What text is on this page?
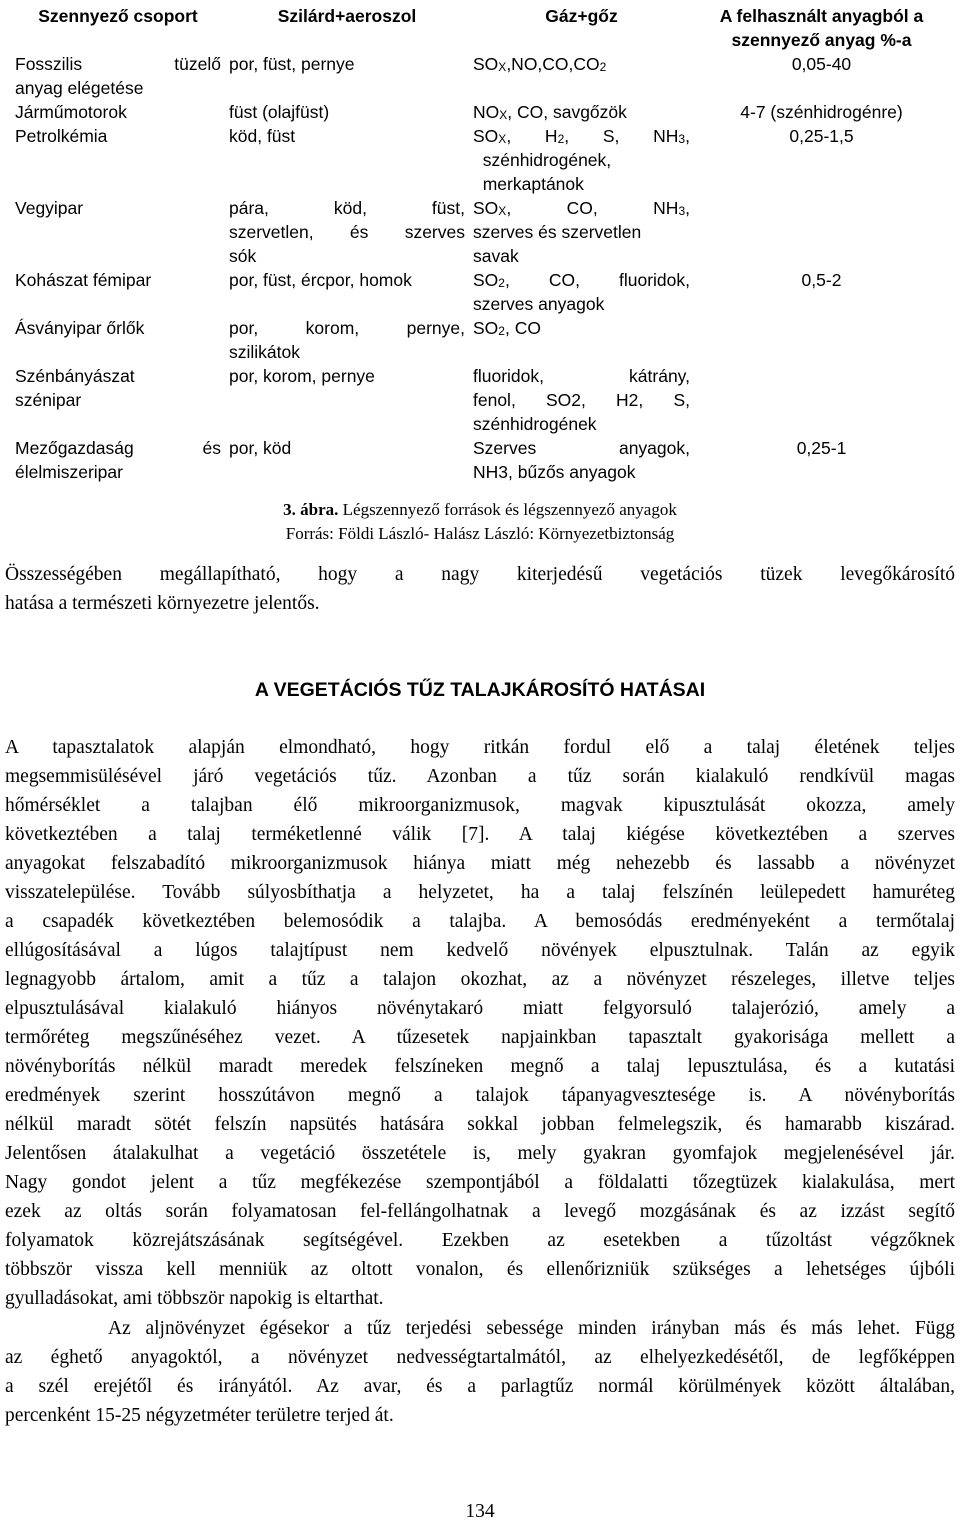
Szennyező csoport	Szilárd+aeroszol	Gáz+gőz	A felhasznált anyagból a szennyező anyag %-a

Fosszilis tüzelő
anyag elégetése	por, füst, pernye	SOX,NO,CO,CO2	0,05-40
Járműmotorok	füst (olajfüst)	NOX, CO, savgőzök	4-7 (szénhidrogénre)
Petrolkémia	köd, füst	SOX, H2, S, NH3,
szénhidrogének,
merkaptánok	0,25-1,5
Vegyipar	pára, köd, füst,
szervetlen, és szerves
sók	SOX, CO, NH3,
szerves és szervetlen
savak	

Kohászat fémipar	por, füst, ércpor, homok	SO2, CO, fluoridok,
szerves anyagok	0,5-2
Ásványipar őrlők	por, korom, pernye,
szilikátok	SO2, CO	

Szénbányászat
szénipar	por, korom, pernye	fluoridok, kátrány,
fenol, SO2, H2, S,
szénhidrogének	

Mezőgazdaság és
élelmiszeripar	por, köd	Szerves anyagok,
NH3, bűzős anyagok	0,25-1
3. ábra. Légszennyező források és légszennyező anyagok
Forrás: Földi László- Halász László: Környezetbiztonság
Összességében megállapítható, hogy a nagy kiterjedésű vegetációs tüzek levegőkárosító
hatása a természeti környezetre jelentős.
A VEGETÁCIÓS TŰZ TALAJKÁROSÍTÓ HATÁSAI
A tapasztalatok alapján elmondható, hogy ritkán fordul elő a talaj életének teljes
megsemmisülésével járó vegetációs tűz. Azonban a tűz során kialakuló rendkívül magas
hőmérséklet a talajban élő mikroorganizmusok, magvak kipusztulását okozza, amely
következtében a talaj terméketlenné válik [7]. A talaj kiégése következtében a szerves
anyagokat felszabadító mikroorganizmusok hiánya miatt még nehezebb és lassabb a növényzet
visszatelepülése. Tovább súlyosbíthatja a helyzetet, ha a talaj felszínén leülepedett hamuréteg
a csapadék következtében belemosódik a talajba. A bemosódás eredményeként a termőtalaj
ellúgosításával a lúgos talajtípust nem kedvelő növények elpusztulnak. Talán az egyik
legnagyobb ártalom, amit a tűz a talajon okozhat, az a növényzet részeleges, illetve teljes
elpusztulásával kialakuló hiányos növénytakaró miatt felgyorsuló talajerózió, amely a
termőréteg megszűnéséhez vezet. A tűzesetek napjainkban tapasztalt gyakorisága mellett a
növényborítás nélkül maradt meredek felszíneken megnő a talaj lepusztulása, és a kutatási
eredmények szerint hosszútávon megnő a talajok tápanyagvesztesége is. A növényborítás
nélkül maradt sötét felszín napsütés hatására sokkal jobban felmelegszik, és hamarabb kiszárad.
Jelentősen átalakulhat a vegetáció összetétele is, mely gyakran gyomfajok megjelenésével jár.
Nagy gondot jelent a tűz megfékezése szempontjából a földalatti tőzegtüzek kialakulása, mert
ezek az oltás során folyamatosan fel-fellángolhatnak a levegő mozgásának és az izzást segítő
folyamatok közrejátszásának segítségével. Ezekben az esetekben a tűzoltást végzőknek
többször vissza kell menniük az oltott vonalon, és ellenőrizniük szükséges a lehetséges újbóli
gyulladásokat, ami többször napokig is eltarthat.
Az aljnövényzet égésekor a tűz terjedési sebessége minden irányban más és más lehet. Függ
az éghető anyagoktól, a növényzet nedvességtartalmától, az elhelyezkedésétől, de legfőképpen
a szél erejétől és irányától. Az avar, és a parlagtűz normál körülmények között általában,
percenként 15-25 négyzetméter területre terjed át.
134
